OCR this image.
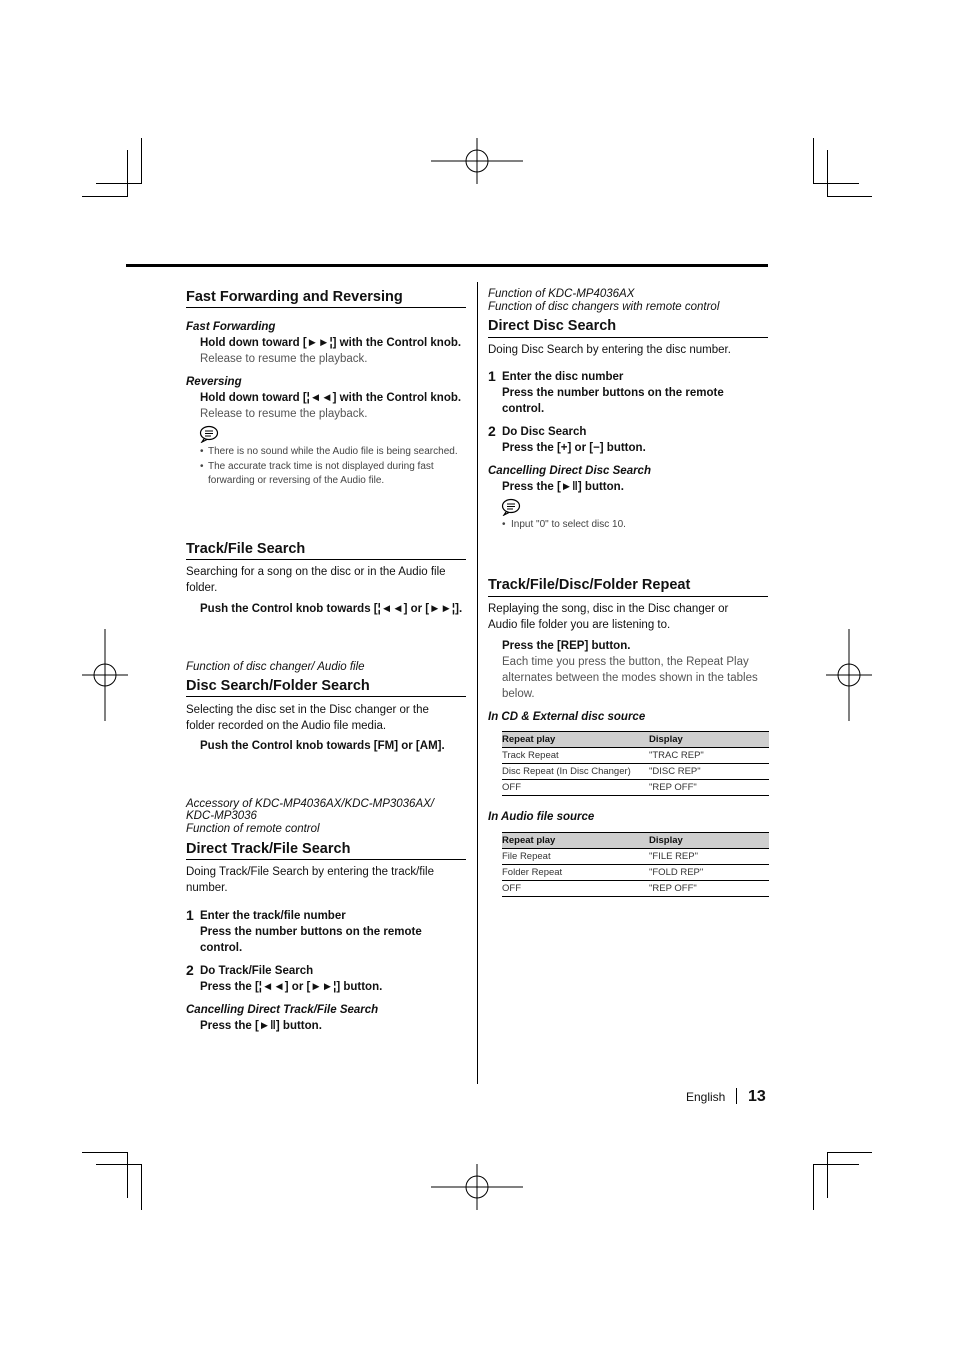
Fast Forwarding and Reversing
Fast Forwarding
Hold down toward [►►¦] with the Control knob.
Release to resume the playback.
Reversing
Hold down toward [¦◄◄] with the Control knob.
Release to resume the playback.
• There is no sound while the Audio file is being searched.
• The accurate track time is not displayed during fast forwarding or reversing of the Audio file.
Track/File Search
Searching for a song on the disc or in the Audio file folder.
Push the Control knob towards [¦◄◄] or [►►¦].
Function of disc changer/ Audio file
Disc Search/Folder Search
Selecting the disc set in the Disc changer or the folder recorded on the Audio file media.
Push the Control knob towards [FM] or [AM].
Accessory of KDC-MP4036AX/KDC-MP3036AX/
KDC-MP3036
Function of remote control
Direct Track/File Search
Doing Track/File Search by entering the track/file number.
1 Enter the track/file number
Press the number buttons on the remote control.
2 Do Track/File Search
Press the [¦◄◄] or [►►¦] button.
Cancelling Direct Track/File Search
Press the [►‖] button.
Function of KDC-MP4036AX
Function of disc changers with remote control
Direct Disc Search
Doing Disc Search by entering the disc number.
1 Enter the disc number
Press the number buttons on the remote control.
2 Do Disc Search
Press the [+] or [−] button.
Cancelling Direct Disc Search
Press the [►‖] button.
• Input "0" to select disc 10.
Track/File/Disc/Folder Repeat
Replaying the song, disc in the Disc changer or Audio file folder you are listening to.
Press the [REP] button.
Each time you press the button, the Repeat Play alternates between the modes shown in the tables below.
In CD & External disc source
Repeat play	Display
Track Repeat	"TRAC REP"
Disc Repeat (In Disc Changer)	"DISC REP"
OFF	"REP OFF"
In Audio file source
Repeat play	Display
File Repeat	"FILE REP"
Folder Repeat	"FOLD REP"
OFF	"REP OFF"
English 13
